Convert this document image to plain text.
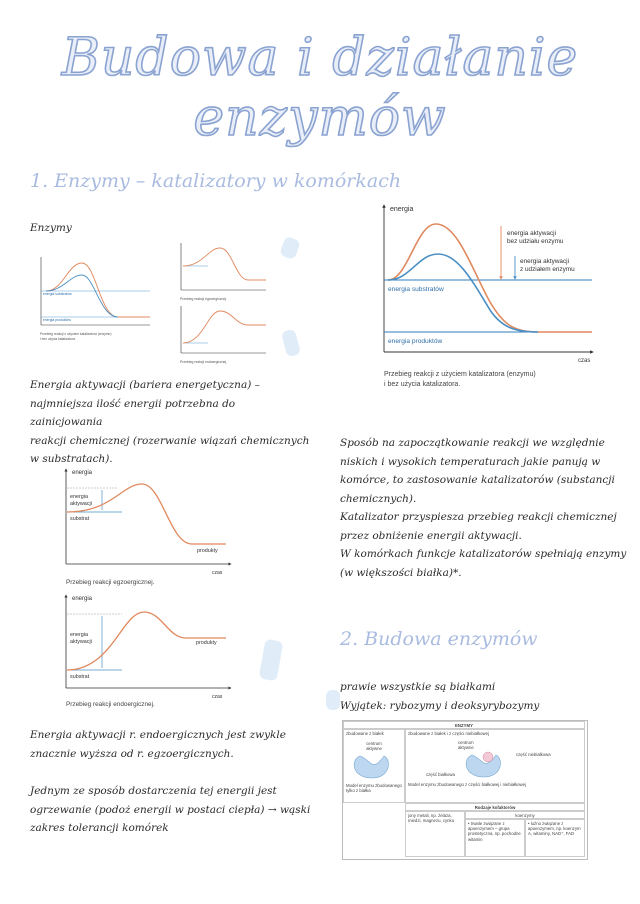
Budowa i działanie enzymów
1. Enzymy – katalizatory w komórkach
Enzymy
energia substratów
energia produktów
Przebieg reakcji z użyciem katalizatora (enzymu)
i bez użycia katalizatora.
Przebieg reakcji egzoergicznej.
Przebieg reakcji endoergicznej.
energia
czas
energia aktywacji
bez udziału enzymu
energia aktywacji
z udziałem enzymu
energia substratów
energia produktów
Przebieg reakcji z użyciem katalizatora (enzymu)
i bez użycia katalizatora.
Energia aktywacji (bariera energetyczna) –
najmniejsza ilość energii potrzebna do zainicjowania
reakcji chemicznej (rozerwanie wiązań chemicznych
w substratach).
energia
czas
energia
aktywacji
substrat
produkty
Przebieg reakcji egzoergicznej.
energia
czas
energia
aktywacji
substrat
produkty
Przebieg reakcji endoergicznej.
Energia aktywacji r. endoergicznych jest zwykle
znacznie wyższa od r. egzoergicznych.
Jednym ze sposób dostarczenia tej energii jest
ogrzewanie (podoż energii w postaci ciepła) → wąski
zakres tolerancji komórek
Sposób na zapoczątkowanie reakcji we względnie
niskich i wysokich temperaturach jakie panują w
komórce, to zastosowanie katalizatorów (substancji
chemicznych).
Katalizator przyspiesza przebieg reakcji chemicznej
przez obniżenie energii aktywacji.
W komórkach funkcje katalizatorów spełniają enzymy
(w większości białka)*.
2. Budowa enzymów
prawie wszystkie są białkami
Wyjątek: rybozymy i deoksyrybozymy
ENZYMY
zbudowane z białek
centrum
aktywne
Model enzymu zbudowanego tylko z białka
zbudowane z białek i z części niebiałkowej
centrum
aktywne
część niebiałkowa
część białkowa
Model enzymu zbudowanego z części białkowej i niebiałkowej
Rodzaje kofaktorów
jony metali, np. żelaza, miedzi, magnezu, cynku
koenzymy
• trwale związane z apoenzymem – grupa prostetyczna, np. pochodne witamin
• luźno związane z apoenzymem, np. koenzym A, witaminy, NAD⁺, FAD
